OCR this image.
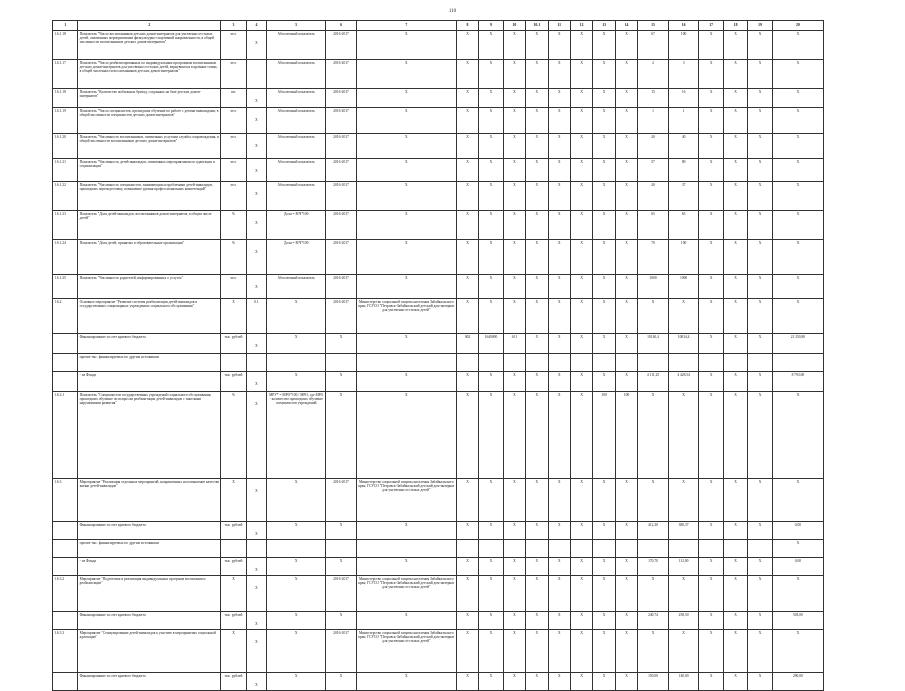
110
1	2	3	4	5	6	7	8	9	10	10.1	11	12	13	14	15	16	17	18	19	20
1.6.1.18	Показатель "Число воспитанников детских домов-интернатов для умственно отсталых детей, охваченных мероприятиями физкультурно-спортивной направленности, в общей численности воспитанников детских домов-интернатов"	чел.	Х	Абсолютный показатель	2016-2017	Х	Х	Х	Х	Х	Х	Х	Х	Х	67	100	Х	Х	Х	Х
1.6.1.17	Показатель "Число реабилитированных по индивидуальным программам воспитанников детских домов-интернатов для умственно отсталых детей, вернувшихся в кровные семьи, в общей численности воспитанников детских домов-интернатов"	чел.		Абсолютный показатель	2016-2017	Х	Х	Х	Х	Х	Х	Х	Х	Х	2	3	Х	Х	Х	Х
1.6.1.18	Показатель "Количество мобильных бригад, созданных на базе детских домов-интернатов"	шт.	Х	Абсолютный показатель	2016-2017	Х	Х	Х	Х	Х	Х	Х	Х	Х	15	16	Х	Х	Х	Х
1.6.1.19	Показатель "Число специалистов, прошедших обучение по работе с детьми-инвалидами, в общей численности специалистов детских домов-интернатов"	чел.	Х	Абсолютный показатель	2016-2017	Х	Х	Х	Х	Х	Х	Х	Х	Х	1	1	Х	Х	Х	Х
1.6.1.20	Показатель "Численность воспитанников, охваченных услугами службы сопровождения, в общей численности воспитанников детских домов-интернатов"	чел.	Х	Абсолютный показатель	2016-2017	Х	Х	Х	Х	Х	Х	Х	Х	Х	20	40	Х	Х	Х	Х
1.6.1.21	Показатель "Численность детей-инвалидов, охваченных мероприятиями по адаптации и социализации"	чел.	Х	Абсолютный показатель	2016-2017	Х	Х	Х	Х	Х	Х	Х	Х	Х	57	80	Х	Х	Х	Х
1.6.1.22	Показатель "Численность специалистов, занимающихся проблемами детей-инвалидов, прошедших переподготовку, повышение уровня профессиональных компетенций"	чел.	Х	Абсолютный показатель	2016-2017	Х	Х	Х	Х	Х	Х	Х	Х	Х	20	37	Х	Х	Х	Х
1.6.1.23	Показатель "Доля детей-инвалидов, воспитанников домов-интернатов, в общем числе детей"	%	Х	Доля = В/Ч*100	2016-2017	Х	Х	Х	Х	Х	Х	Х	Х	Х	65	65	Х	Х	Х	Х
1.6.1.24	Показатель "Доля детей, принятых в образовательные организации"	%	Х	Доля = В/Ч*100	2016-2017	Х	Х	Х	Х	Х	Х	Х	Х	Х	70	100	Х	Х	Х	Х
1.6.1.25	Показатель "Численность родителей, информированных о услугах"	чел.	Х	Абсолютный показатель	2016-2017	Х	Х	Х	Х	Х	Х	Х	Х	Х	1000	1000	Х	Х	Х	Х
1.6.2	Основное мероприятие "Развитие системы реабилитации детей-инвалидов в государственных стационарных учреждениях социального обслуживания"	Х	0.1	Х	2016-2017	Министерство социальной защиты населения Забайкальского края; ГСУСО "Петровск-Забайкальский детский дом-интернат для умственно отсталых детей"	Х	Х	Х	Х	Х	Х	Х	Х	Х	Х	Х	Х	Х	Х
	Финансирование за счет краевого бюджета	тыс. рублей	Х	Х	Х	Х	002	1640000	611	Х	Х	Х	Х	Х	10140,4	10034,4	Х	Х	Х	21 250,80
	прочие тыс. финансируемых по другим источникам																			
	- из Фонда	тыс. рублей	Х	Х	Х	Х	Х	Х	Х	Х	Х	Х	Х	Х	4 111,25	4 428,54	Х	Х	Х	8 793,00
1.6.2.1	Показатель "Специалистов государственных учреждений социального обслуживания, прошедших обучение по вопросам реабилитации детей-инвалидов с тяжелыми нарушениями развития"	%	Х	МРУ* = МРО*100 / МРО, где МРО - количество прошедших обучение специалистов учреждений	Х	Х	Х	Х	Х	Х	Х	Х	100	100	Х	Х	Х	Х	Х	Х
1.6.3	Мероприятие "Реализация отдельных мероприятий, направленных на повышение качества жизни детей-инвалидов"	Х	Х	Х	2016-2017	Министерство социальной защиты населения Забайкальского края; ГСУСО "Петровск-Забайкальский детский дом-интернат для умственно отсталых детей"	Х	Х	Х	Х	Х	Х	Х	Х	Х	Х	Х	Х	Х	Х
	Финансирование за счет краевого бюджета	тыс. рублей	Х	Х	Х	Х	Х	Х	Х	Х	Х	Х	Х	Х	412,30	380,37	Х	Х	Х	0,00
	прочие тыс. финансируемых по другим источникам																			Х
	- из Фонда	тыс. рублей	Х	Х	Х	Х	Х	Х	Х	Х	Х	Х	Х	Х	170,70	112,00	Х	Х	Х	0,00
1.6.3.2	Мероприятие "Подготовка и реализация индивидуальных программ воспитания и реабилитации"	Х	Х	Х	2016-2017	Министерство социальной защиты населения Забайкальского края; ГСУСО "Петровск-Забайкальский детский дом-интернат для умственно отсталых детей"	Х	Х	Х	Х	Х	Х	Х	Х	Х	Х	Х	Х	Х	Х
	Финансирование за счет краевого бюджета	тыс. рублей	Х	Х	Х	Х	Х	Х	Х	Х	Х	Х	Х	Х	240,74	258,50	Х	Х	Х	503,00
1.6.3.3	Мероприятие "Стимулирование детей-инвалидов к участию в мероприятиях социальной адаптации"	Х	Х	Х	2016-2017	Министерство социальной защиты населения Забайкальского края; ГСУСО "Петровск-Забайкальский детский дом-интернат для умственно отсталых детей"	Х	Х	Х	Х	Х	Х	Х	Х	Х	Х	Х	Х	Х	Х
	Финансирование за счет краевого бюджета	тыс. рублей	Х	Х	Х	Х	Х	Х	Х	Х	Х	Х	Х	Х	150,00	140,00	Х	Х	Х	290,00
